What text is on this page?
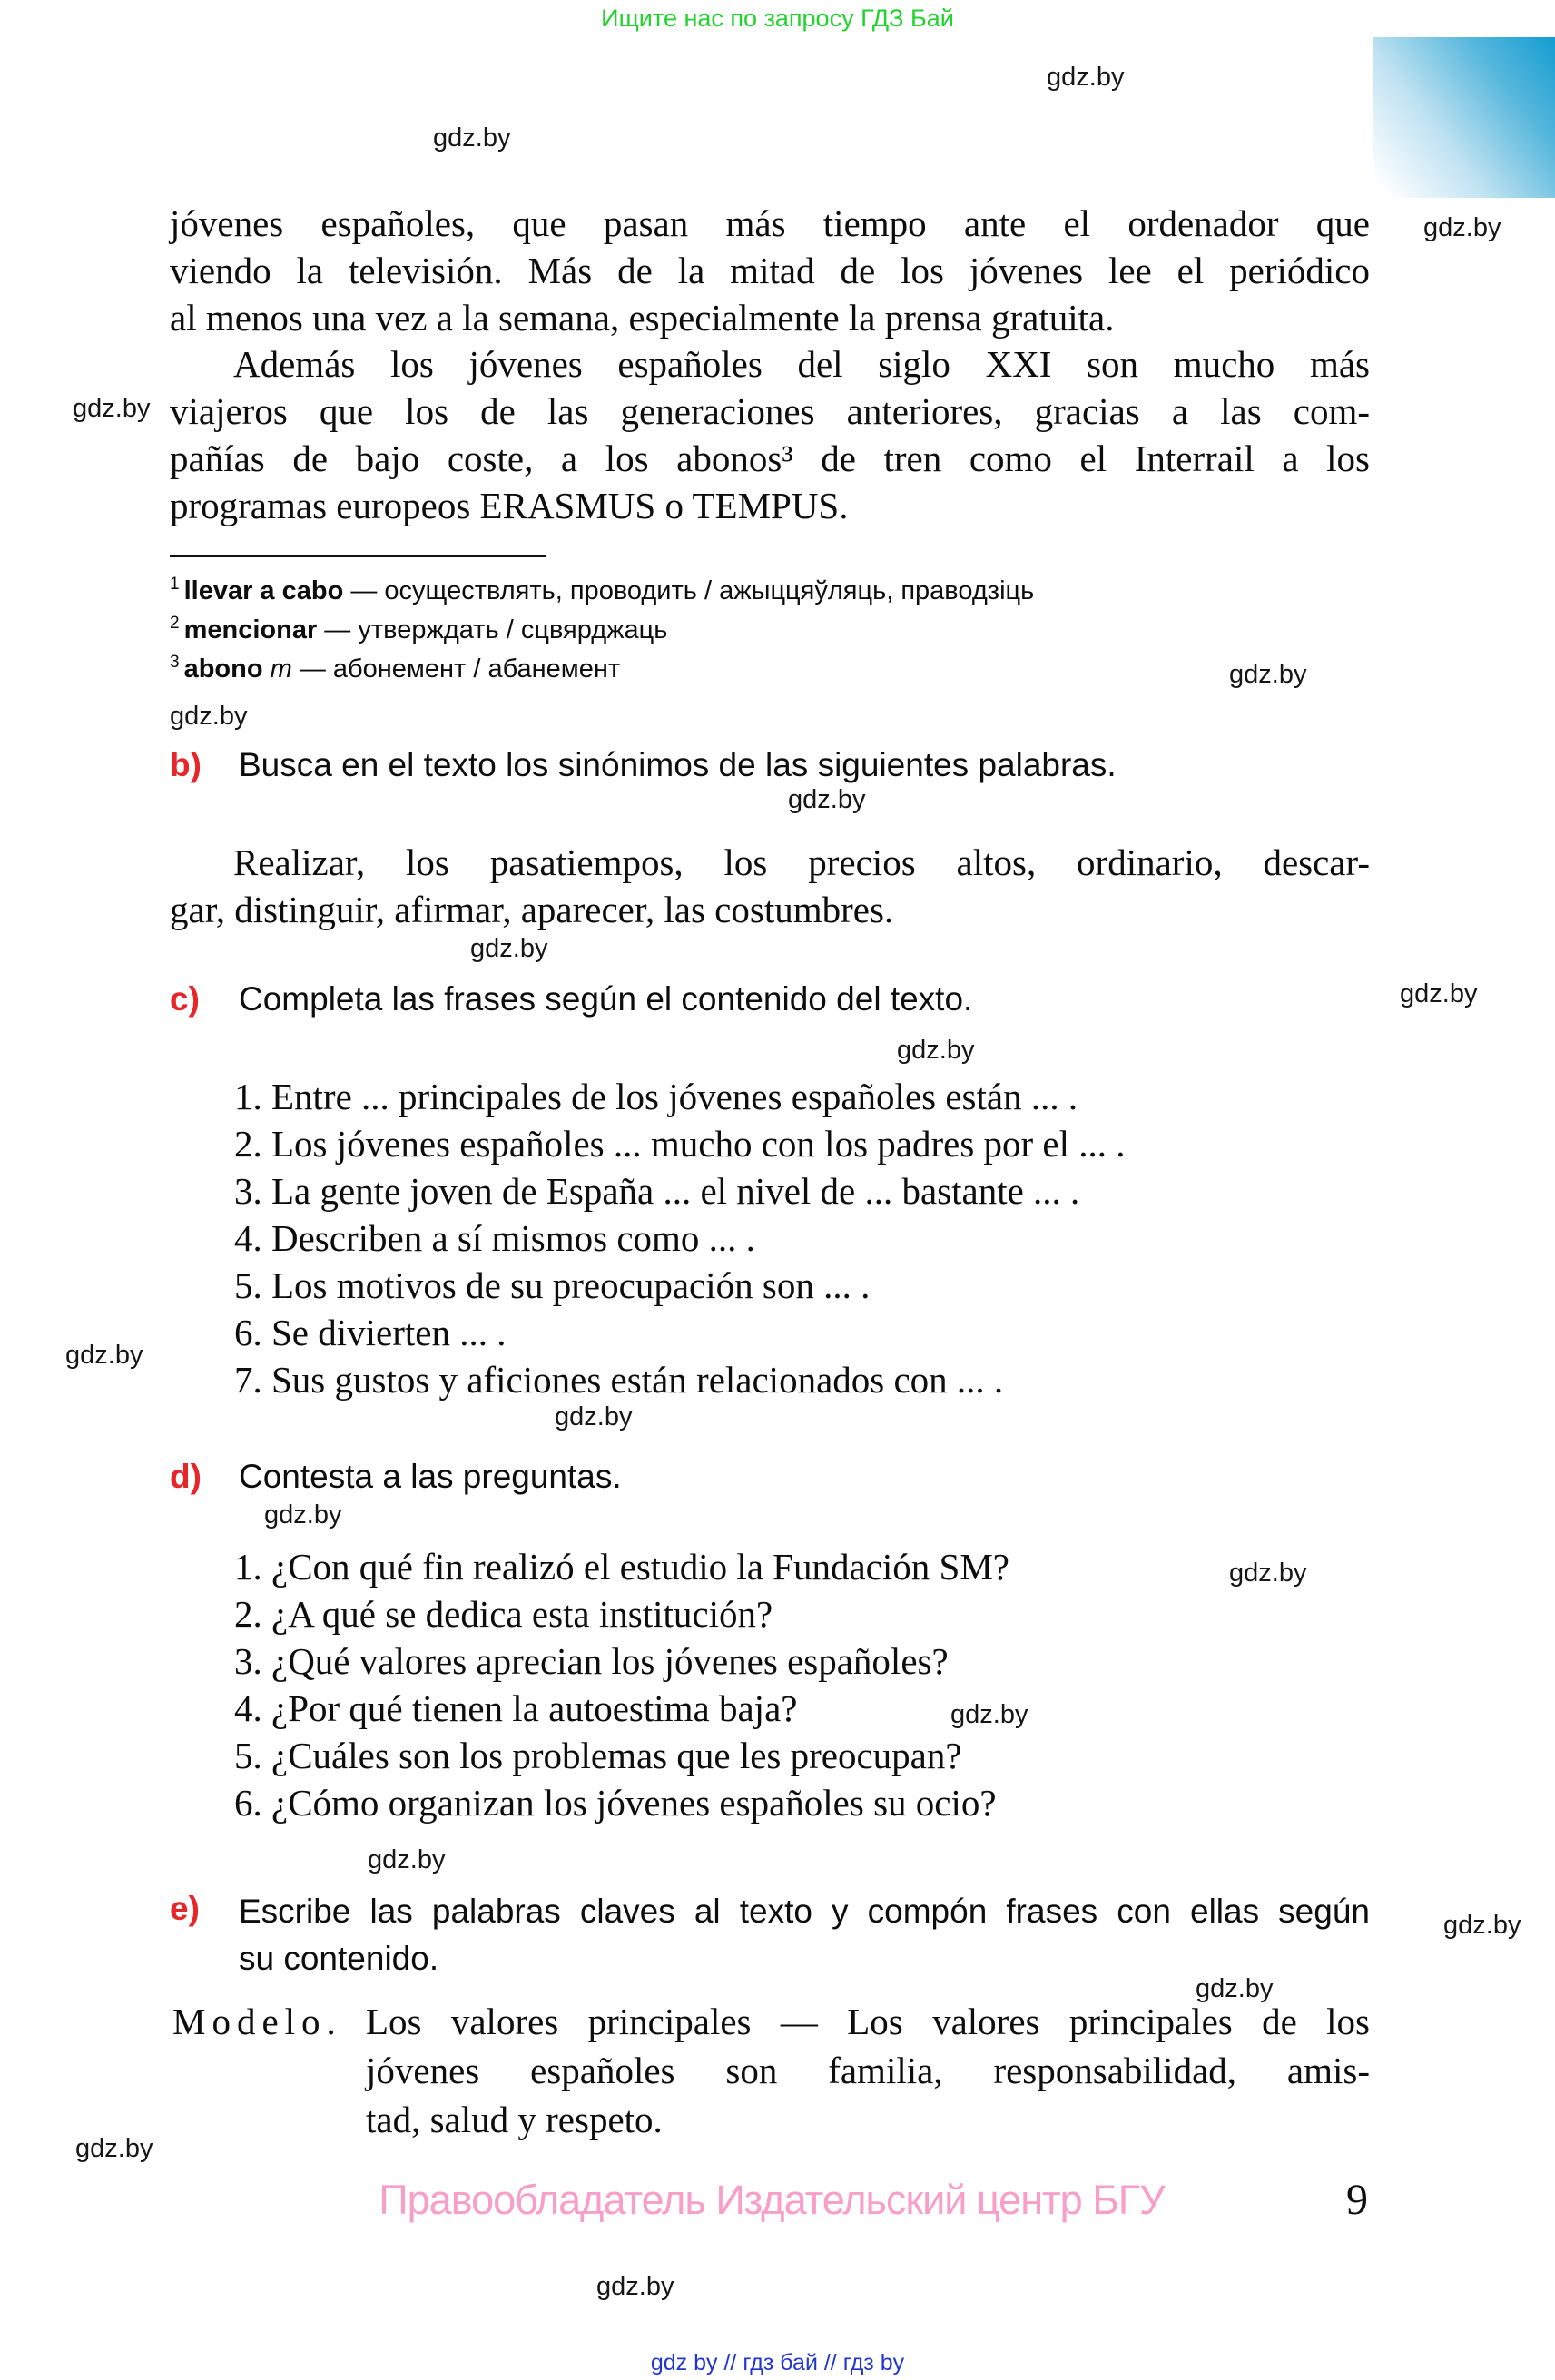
Ищите нас по запросу ГДЗ Бай
jóvenes españoles, que pasan más tiempo ante el ordenador que
viendo la televisión. Más de la mitad de los jóvenes lee el periódico
al menos una vez a la semana, especialmente la prensa gratuita.
Además los jóvenes españoles del siglo XXI son mucho más
viajeros que los de las generaciones anteriores, gracias a las com-
pañías de bajo coste, a los abonos³ de tren como el Interrail a los
programas europeos ERASMUS o TEMPUS.
$^1$ llevar a cabo — осуществлять, проводить / ажыццяўляць, праводзіць
$^2$ mencionar — утверждать / сцвярджаць
$^3$ abono m — абонемент / абанемент
b) Busca en el texto los sinónimos de las siguientes palabras.
Realizar, los pasatiempos, los precios altos, ordinario, descar-
gar, distinguir, afirmar, aparecer, las costumbres.
c) Completa las frases según el contenido del texto.
1. Entre ... principales de los jóvenes españoles están ... .
2. Los jóvenes españoles ... mucho con los padres por el ... .
3. La gente joven de España ... el nivel de ... bastante ... .
4. Describen a sí mismos como ... .
5. Los motivos de su preocupación son ... .
6. Se divierten ... .
7. Sus gustos y aficiones están relacionados con ... .
d) Contesta a las preguntas.
1. ¿Con qué fin realizó el estudio la Fundación SM?
2. ¿A qué se dedica esta institución?
3. ¿Qué valores aprecian los jóvenes españoles?
4. ¿Por qué tienen la autoestima baja?
5. ¿Cuáles son los problemas que les preocupan?
6. ¿Cómo organizan los jóvenes españoles su ocio?
e) Escribe las palabras claves al texto y compón frases con ellas según
su contenido.
Modelo. Los valores principales — Los valores principales de los
jóvenes españoles son familia, responsabilidad, amis-
tad, salud y respeto.
Правообладатель Издательский центр БГУ	9
gdz by // гдз бай // гдз by
gdz.by
gdz.by
gdz.by
gdz.by
gdz.by
gdz.by
gdz.by
gdz.by
gdz.by
gdz.by
gdz.by
gdz.by
gdz.by
gdz.by
gdz.by
gdz.by
gdz.by
gdz.by
gdz.by
gdz.by
